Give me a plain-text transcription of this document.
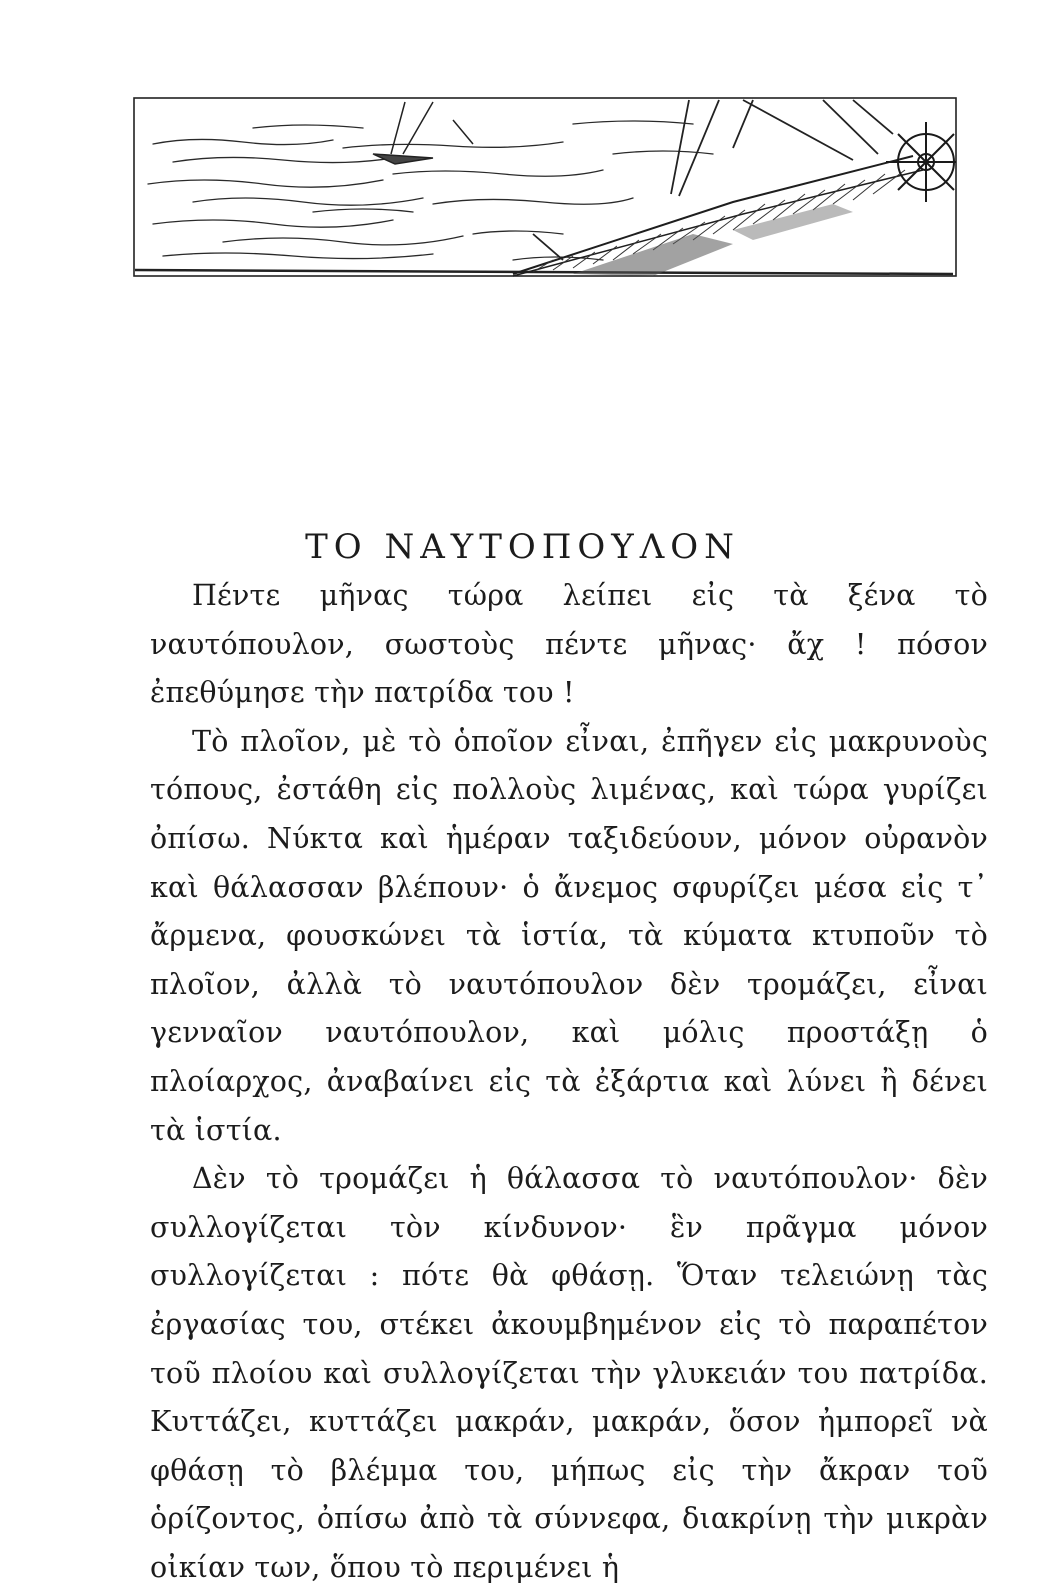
ΤΟ ΝΑΥΤΟΠΟΥΛΟΝ

Πέντε μῆνας τώρα λείπει εἰς τὰ ξένα τὸ ναυτόπουλον, σωστοὺς πέντε μῆνας· ἄχ ! πόσον ἐπεθύμησε τὴν πατρίδα του !

Τὸ πλοῖον, μὲ τὸ ὁποῖον εἶναι, ἐπῆγεν εἰς μακρυνοὺς τόπους, ἐστάθη εἰς πολλοὺς λιμένας, καὶ τώρα γυρίζει ὀπίσω. Νύκτα καὶ ἡμέραν ταξιδεύουν, μόνον οὐρανὸν καὶ θάλασσαν βλέπουν· ὁ ἄνεμος σφυρίζει μέσα εἰς τ᾿ ἄρμενα, φουσκώνει τὰ ἱστία, τὰ κύματα κτυποῦν τὸ πλοῖον, ἀλλὰ τὸ ναυτόπουλον δὲν τρομάζει, εἶναι γενναῖον ναυτόπουλον, καὶ μόλις προστάξῃ ὁ πλοίαρχος, ἀναβαίνει εἰς τὰ ἐξάρτια καὶ λύνει ἢ δένει τὰ ἱστία.

Δὲν τὸ τρομάζει ἡ θάλασσα τὸ ναυτόπουλον· δὲν συλλογίζεται τὸν κίνδυνον· ἓν πρᾶγμα μόνον συλλογίζεται : πότε θὰ φθάσῃ. Ὅταν τελειώνῃ τὰς ἐργασίας του, στέκει ἀκουμβημένον εἰς τὸ παραπέτον τοῦ πλοίου καὶ συλλογίζεται τὴν γλυκειάν του πατρίδα. Κυττάζει, κυττάζει μακράν, μακράν, ὅσον ἠμπορεῖ νὰ φθάσῃ τὸ βλέμμα του, μήπως εἰς τὴν ἄκραν τοῦ ὁρίζοντος, ὀπίσω ἀπὸ τὰ σύννεφα, διακρίνῃ τὴν μικρὰν οἰκίαν των, ὅπου τὸ περιμένει ἡ
